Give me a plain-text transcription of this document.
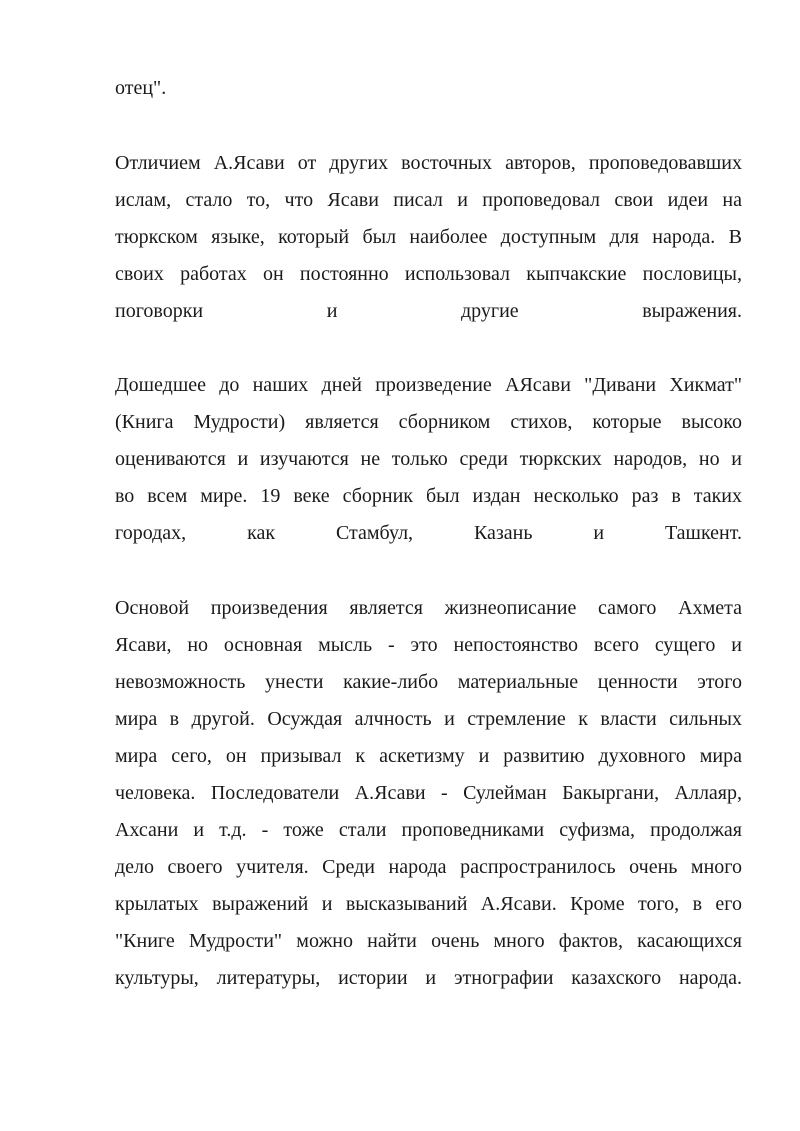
отец".
Отличием А.Ясави от других восточных авторов, проповедовавших
ислам, стало то, что Ясави писал и проповедовал свои идеи на
тюркском языке, который был наиболее доступным для народа. В
своих работах он постоянно использовал кыпчакские пословицы,
поговорки и другие выражения.
Дошедшее до наших дней произведение АЯсави "Дивани Хикмат"
(Книга Мудрости) является сборником стихов, которые высоко
оцениваются и изучаются не только среди тюркских народов, но и
во всем мире. 19 веке сборник был издан несколько раз в таких
городах, как Стамбул, Казань и Ташкент.
Основой произведения является жизнеописание самого Ахмета
Ясави, но основная мысль - это непостоянство всего сущего и
невозможность унести какие-либо материальные ценности этого
мира в другой. Осуждая алчность и стремление к власти сильных
мира сего, он призывал к аскетизму и развитию духовного мира
человека. Последователи А.Ясави - Сулейман Бакыргани, Аллаяр,
Ахсани и т.д. - тоже стали проповедниками суфизма, продолжая
дело своего учителя. Среди народа распространилось очень много
крылатых выражений и высказываний А.Ясави. Кроме того, в его
"Книге Мудрости" можно найти очень много фактов, касающихся
культуры, литературы, истории и этнографии казахского народа.
